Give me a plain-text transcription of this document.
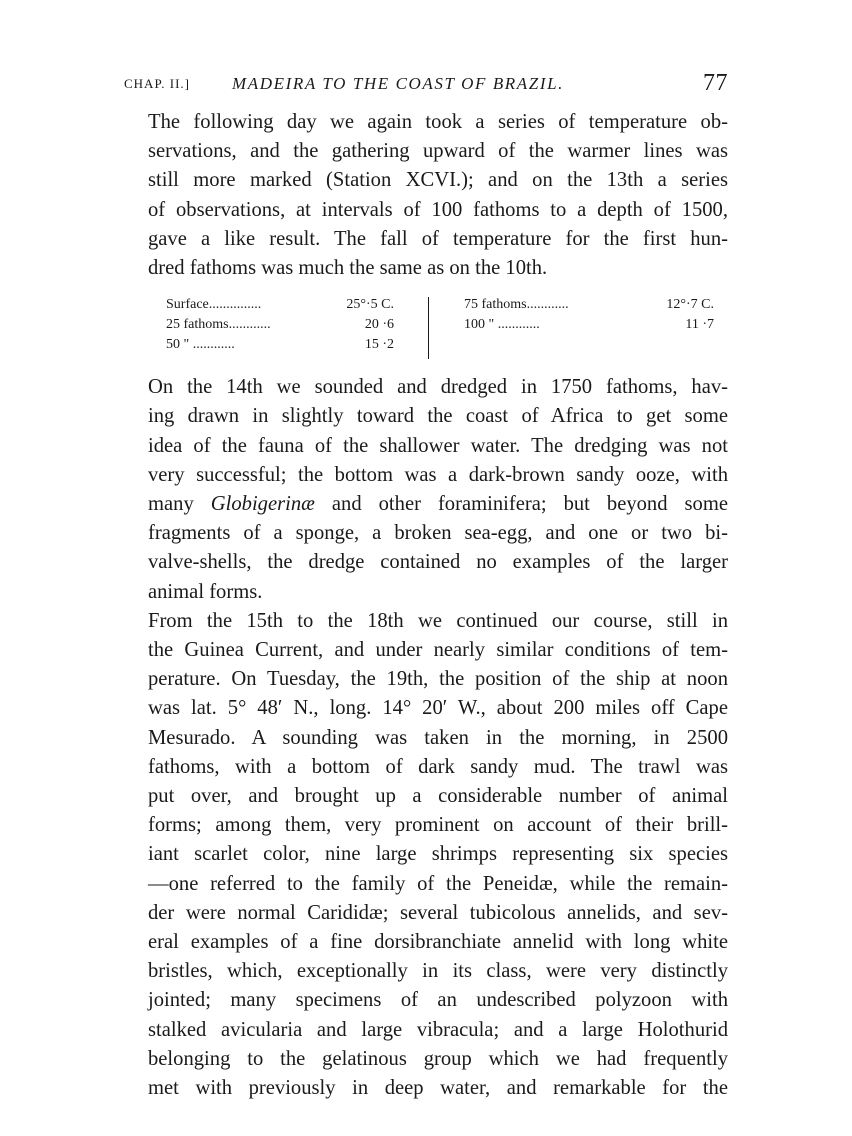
CHAP. II.] MADEIRA TO THE COAST OF BRAZIL.	77

The following day we again took a series of temperature ob-
servations, and the gathering upward of the warmer lines was
still more marked (Station XCVI.); and on the 13th a series
of observations, at intervals of 100 fathoms to a depth of 1500,
gave a like result. The fall of temperature for the first hun-
dred fathoms was much the same as on the 10th.

Surface...............	25°·5 C.
25 fathoms............	20 ·6
50 " ............	15 ·2
75 fathoms............	12°·7 C.
100 " ............	11 ·7

On the 14th we sounded and dredged in 1750 fathoms, hav-
ing drawn in slightly toward the coast of Africa to get some
idea of the fauna of the shallower water. The dredging was not
very successful; the bottom was a dark-brown sandy ooze, with
many Globigerinæ and other foraminifera; but beyond some
fragments of a sponge, a broken sea-egg, and one or two bi-
valve-shells, the dredge contained no examples of the larger
animal forms.

From the 15th to the 18th we continued our course, still in
the Guinea Current, and under nearly similar conditions of tem-
perature. On Tuesday, the 19th, the position of the ship at noon
was lat. 5° 48′ N., long. 14° 20′ W., about 200 miles off Cape
Mesurado. A sounding was taken in the morning, in 2500
fathoms, with a bottom of dark sandy mud. The trawl was
put over, and brought up a considerable number of animal
forms; among them, very prominent on account of their brill-
iant scarlet color, nine large shrimps representing six species
—one referred to the family of the Peneidæ, while the remain-
der were normal Carididæ; several tubicolous annelids, and sev-
eral examples of a fine dorsibranchiate annelid with long white
bristles, which, exceptionally in its class, were very distinctly
jointed; many specimens of an undescribed polyzoon with
stalked avicularia and large vibracula; and a large Holothurid
belonging to the gelatinous group which we had frequently
met with previously in deep water, and remarkable for the
